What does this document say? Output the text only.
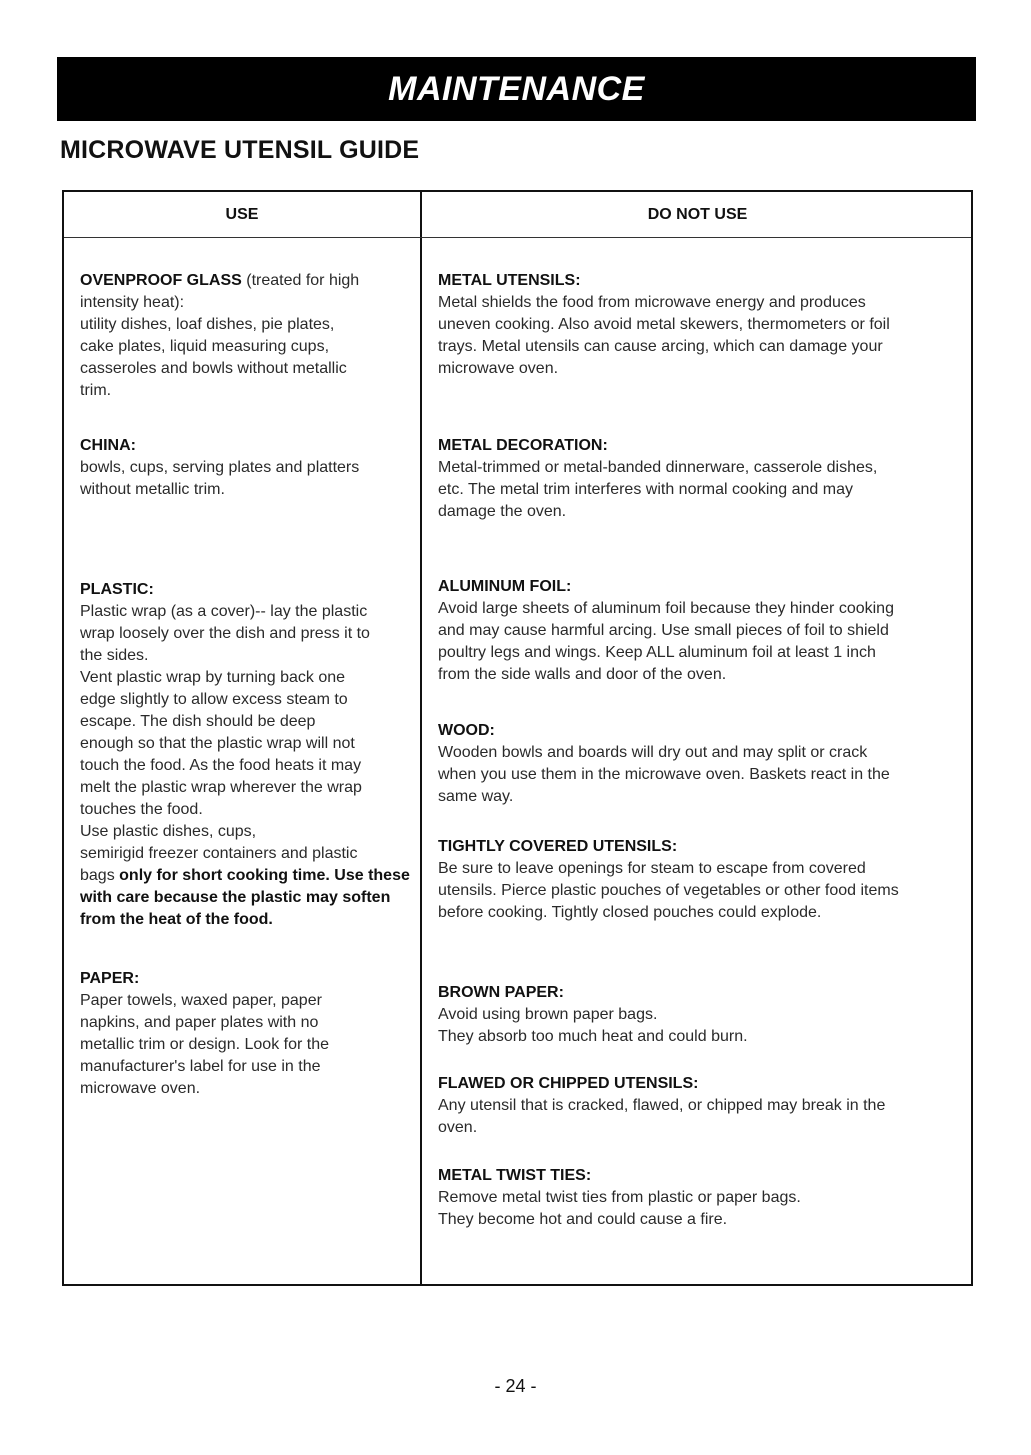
MAINTENANCE
MICROWAVE UTENSIL GUIDE
USE	DO NOT USE
OVENPROOF GLASS (treated for high intensity heat):
utility dishes, loaf dishes, pie plates,
cake plates, liquid measuring cups,
casseroles and bowls without metallic
trim.
CHINA:
bowls, cups, serving plates and platters
without metallic trim.
PLASTIC:
Plastic wrap (as a cover)-- lay the plastic
wrap loosely over the dish and press it to
the sides.
Vent plastic wrap by turning back one
edge slightly to allow excess steam to
escape. The dish should be deep
enough so that the plastic wrap will not
touch the food. As the food heats it may
melt the plastic wrap wherever the wrap
touches the food.
Use plastic dishes, cups,
semirigid freezer containers and plastic
bags only for short cooking time. Use these with care because the plastic may soften from the heat of the food.
PAPER:
Paper towels, waxed paper, paper
napkins, and paper plates with no
metallic trim or design. Look for the
manufacturer's label for use in the
microwave oven.
METAL UTENSILS:
Metal shields the food from microwave energy and produces
uneven cooking. Also avoid metal skewers, thermometers or foil
trays. Metal utensils can cause arcing, which can damage your
microwave oven.
METAL DECORATION:
Metal-trimmed or metal-banded dinnerware, casserole dishes,
etc. The metal trim interferes with normal cooking and may
damage the oven.
ALUMINUM FOIL:
Avoid large sheets of aluminum foil because they hinder cooking
and may cause harmful arcing. Use small pieces of foil to shield
poultry legs and wings. Keep ALL aluminum foil at least 1 inch
from the side walls and door of the oven.
WOOD:
Wooden bowls and boards will dry out and may split or crack
when you use them in the microwave oven. Baskets react in the
same way.
TIGHTLY COVERED UTENSILS:
Be sure to leave openings for steam to escape from covered
utensils. Pierce plastic pouches of vegetables or other food items
before cooking. Tightly closed pouches could explode.
BROWN PAPER:
Avoid using brown paper bags.
They absorb too much heat and could burn.
FLAWED OR CHIPPED UTENSILS:
Any utensil that is cracked, flawed, or chipped may break in the
oven.
METAL TWIST TIES:
Remove metal twist ties from plastic or paper bags.
They become hot and could cause a fire.
- 24 -
